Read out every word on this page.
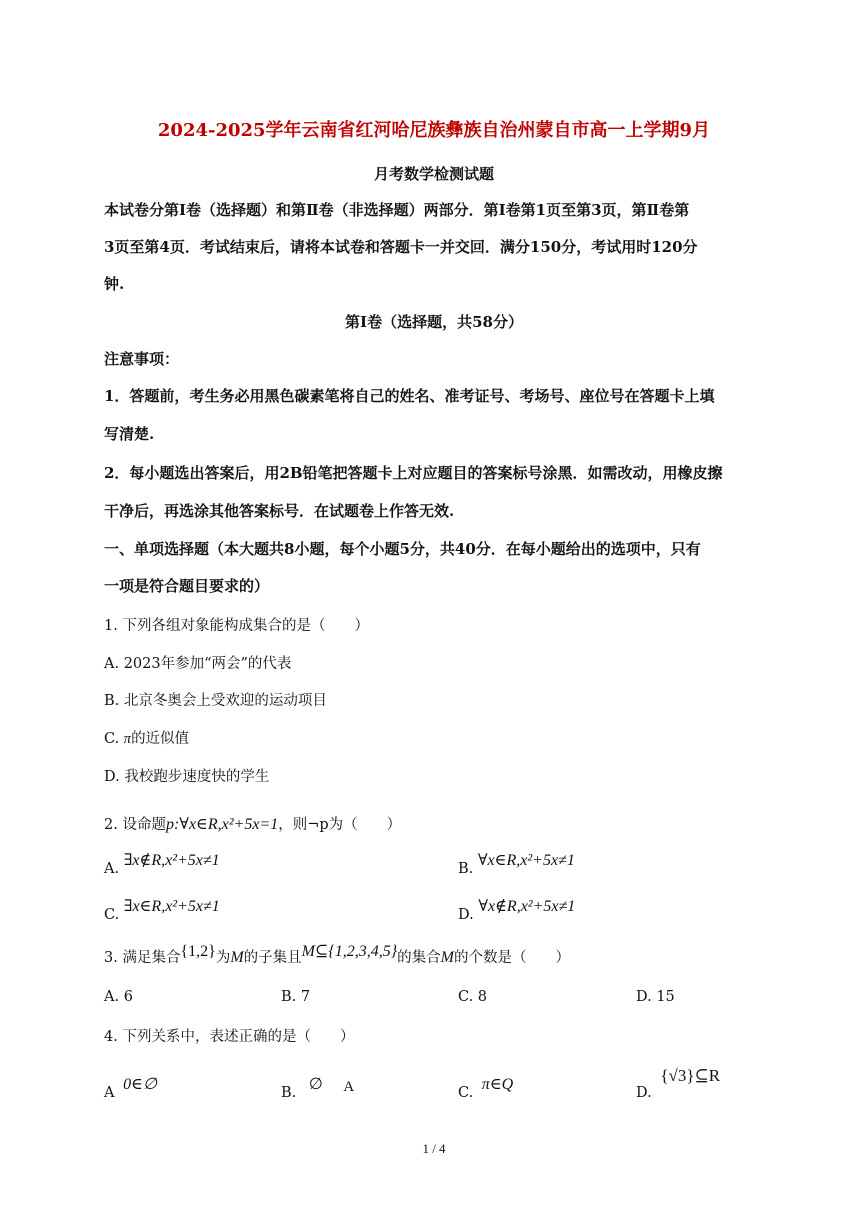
2024-2025学年云南省红河哈尼族彝族自治州蒙自市高一上学期9月
月考数学检测试题
本试卷分第Ⅰ卷（选择题）和第Ⅱ卷（非选择题）两部分．第Ⅰ卷第1页至第3页，第Ⅱ卷第
3页至第4页．考试结束后，请将本试卷和答题卡一并交回．满分150分，考试用时120分
钟.
第Ⅰ卷（选择题，共58分）
注意事项：
1．答题前，考生务必用黑色碳素笔将自己的姓名、准考证号、考场号、座位号在答题卡上填
写清楚.
2．每小题选出答案后，用2B铅笔把答题卡上对应题目的答案标号涂黑．如需改动，用橡皮擦
干净后，再选涂其他答案标号．在试题卷上作答无效.
一、单项选择题（本大题共8小题，每个小题5分，共40分．在每小题给出的选项中，只有
一项是符合题目要求的）
1. 下列各组对象能构成集合的是（　　）
A. 2023年参加“两会”的代表
B. 北京冬奥会上受欢迎的运动项目
C. π的近似值
D. 我校跑步速度快的学生
2. 设命题p:∀x∈R,x²+5x=1，则¬p为（　　）
A. ∃x∉R,x²+5x≠1	B. ∀x∈R,x²+5x≠1
C. ∃x∈R,x²+5x≠1	D. ∀x∉R,x²+5x≠1
3. 满足集合{1,2}为M的子集且M⊆{1,2,3,4,5}的集合M的个数是（　　）
A. 6	B. 7	C. 8	D. 15
4. 下列关系中，表述正确的是（　　）
A 0∈∅	B. ∅ A	C. π∈Q	D. {√3}⊆R
1 / 4
